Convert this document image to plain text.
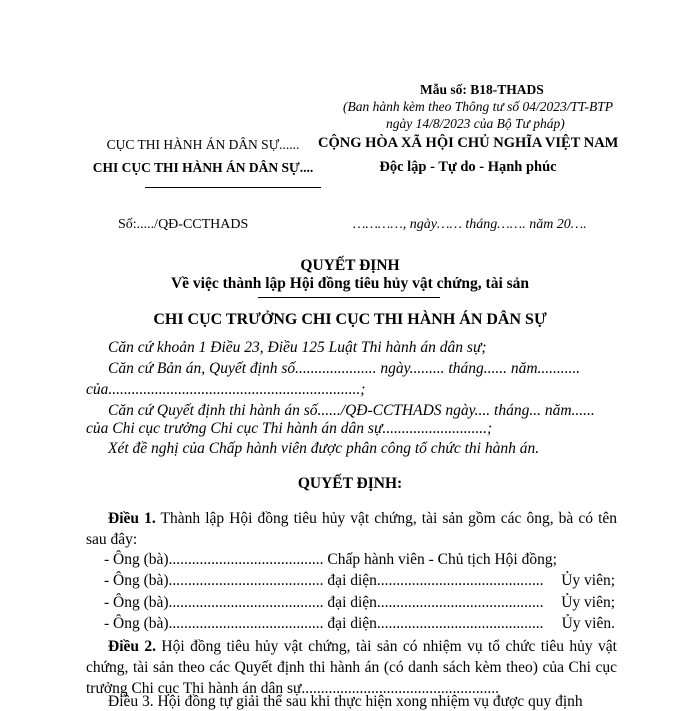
Mẫu số: B18-THADS
(Ban hành kèm theo Thông tư số 04/2023/TT-BTP
ngày 14/8/2023 của Bộ Tư pháp)
CỤC THI HÀNH ÁN DÂN SỰ......
CHI CỤC THI HÀNH ÁN DÂN SỰ....
CỘNG HÒA XÃ HỘI CHỦ NGHĨA VIỆT NAM
Độc lập - Tự do - Hạnh phúc
Số:...../QĐ-CCTHADS	…………, ngày…… tháng……. năm 20….
QUYẾT ĐỊNH
Về việc thành lập Hội đồng tiêu hủy vật chứng, tài sản
CHI CỤC TRƯỞNG CHI CỤC THI HÀNH ÁN DÂN SỰ
Căn cứ khoản 1 Điều 23, Điều 125 Luật Thi hành án dân sự;
Căn cứ Bản án, Quyết định số..................... ngày......... tháng...... năm...........
của.................................................................;
Căn cứ Quyết định thi hành án số....../QĐ-CCTHADS ngày.... tháng... năm......
của Chi cục trưởng Chi cục Thi hành án dân sự...........................;
Xét đề nghị của Chấp hành viên được phân công tổ chức thi hành án.
QUYẾT ĐỊNH:
Điều 1. Thành lập Hội đồng tiêu hủy vật chứng, tài sản gồm các ông, bà có tên sau đây:
- Ông (bà)........................................ Chấp hành viên - Chủ tịch Hội đồng;
- Ông (bà)........................................ đại diện........................................... Ủy viên;
- Ông (bà)........................................ đại diện........................................... Ủy viên;
- Ông (bà)........................................ đại diện........................................... Ủy viên.
Điều 2. Hội đồng tiêu hủy vật chứng, tài sản có nhiệm vụ tổ chức tiêu hủy vật chứng, tài sản theo các Quyết định thi hành án (có danh sách kèm theo) của Chi cục trưởng Chi cục Thi hành án dân sự...................................................
Điều 3. Hội đồng tự giải thể sau khi thực hiện xong nhiệm vụ được quy định
